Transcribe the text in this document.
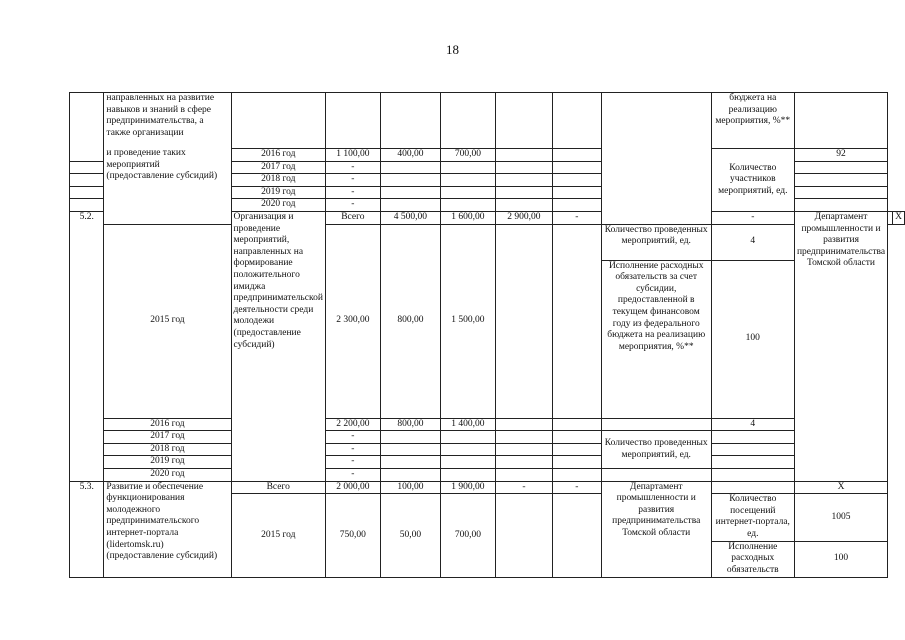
18

	направленных на развитие навыков и знаний в сфере предпринимательства, а также организации
и проведение таких мероприятий (предоставление субсидий)								бюджета на реализацию мероприятия, %**			
		2016 год	1 100,00	400,00	700,00				Количество участников мероприятий, ед.	92		
		2017 год	-									
		2018 год	-									
		2019 год	-									
		2020 год	-									
5.2.		Организация и проведение мероприятий, направленных на формирование положительного имиджа предпринимательской деятельности среди молодежи (предоставление субсидий)	Всего	4 500,00	1 600,00	2 900,00	-		-	Департамент промышленности и развития предпринимательства Томской области		Х
	2015 год		2 300,00	800,00	1 500,00			Количество проведенных мероприятий, ед.	4			
								Исполнение расходных обязательств за счет субсидии, предоставленной в текущем финансовом году из федерального бюджета на реализацию мероприятия, %**	100			
	2016 год		2 200,00	800,00	1 400,00				4			
	2017 год		-					Количество проведенных мероприятий, ед.				
	2018 год		-									
	2019 год		-									
	2020 год		-									

5.3.	Развитие и обеспечение функционирования молодежного предпринимательского интернет-портала (lidertomsk.ru) (предоставление субсидий)	Всего	2 000,00	100,00	1 900,00	-	-	Департамент промышленности и развития предпринимательства Томской области		Х		
		2015 год	750,00	50,00	700,00				Количество посещений интернет-портала, ед.	1005		
									Исполнение расходных обязательств	100		
